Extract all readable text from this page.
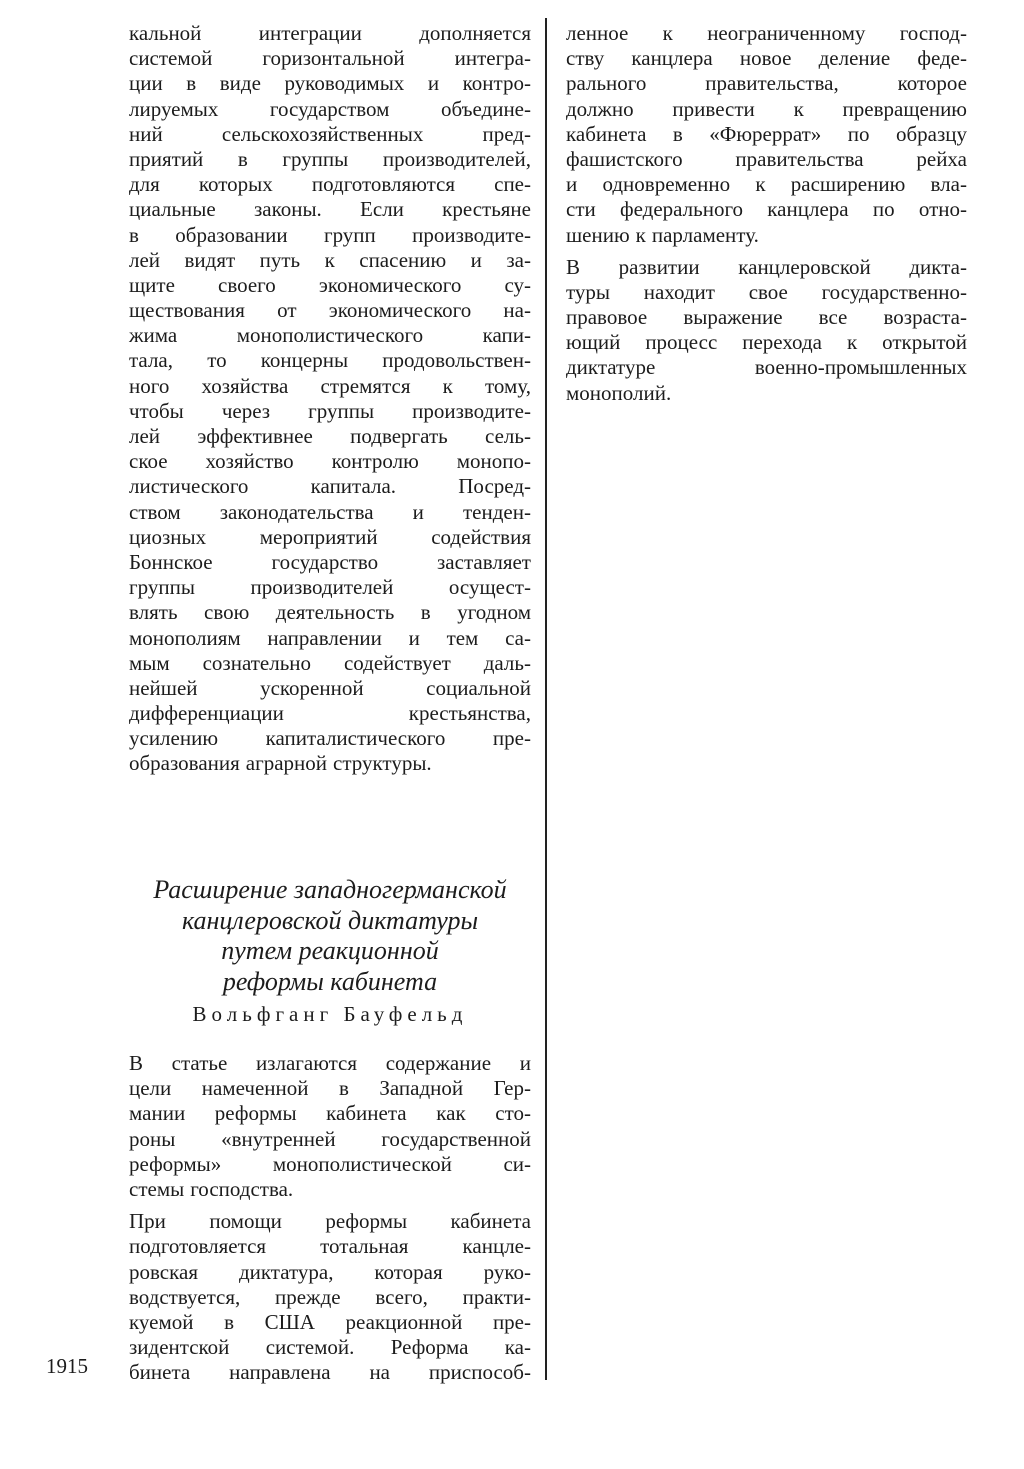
кальной	интеграции	дополняется
системой горизонтальной интегра-
ции в виде руководимых и контро-
лируемых государством объедине-
ний	сельскохозяйственных	пред-
приятий в группы производителей,
для которых подготовляются спе-
циальные законы. Если крестьяне
в образовании групп производите-
лей видят путь к спасению и за-
щите своего экономического су-
ществования от экономического на-
жима	монополистического	капи-
тала, то концерны продовольствен-
ного хозяйства стремятся к тому,
чтобы через группы производите-
лей эффективнее подвергать сель-
ское хозяйство контролю монопо-
листического	капитала.	Посред-
ством законодательства и тенден-
циозных	мероприятий	содействия
Боннское	государство	заставляет
группы	производителей	осущест-
влять свою деятельность в угодном
монополиям направлении и тем са-
мым сознательно содействует даль-
нейшей	ускоренной	социальной
дифференциации	крестьянства,
усилению капиталистического пре-
образования аграрной структуры.
Расширение западногерманской
канцлеровской диктатуры
путем реакционной
реформы кабинета
Вольфганг Бауфельд
В статье излагаются содержание и
цели намеченной в Западной Гер-
мании реформы кабинета как сто-
роны «внутренней государственной
реформы» монополистической си-
стемы господства.
При помощи реформы кабинета
подготовляется	тотальная	канцле-
ровская диктатура, которая руко-
водствуется, прежде всего, практи-
куемой в США реакционной пре-
зидентской системой. Реформа ка-
бинета направлена на приспособ-
ленное к неограниченному господ-
ству канцлера новое деление феде-
рального	правительства,	которое
должно привести к превращению
кабинета в «Фюреррат» по образцу
фашистского	правительства	рейха
и одновременно к расширению вла-
сти федерального канцлера по отно-
шению к парламенту.
В развитии канцлеровской дикта-
туры находит свое государственно-
правовое выражение все возраста-
ющий процесс перехода к открытой
диктатуре	военно-промышленных
монополий.
1915
